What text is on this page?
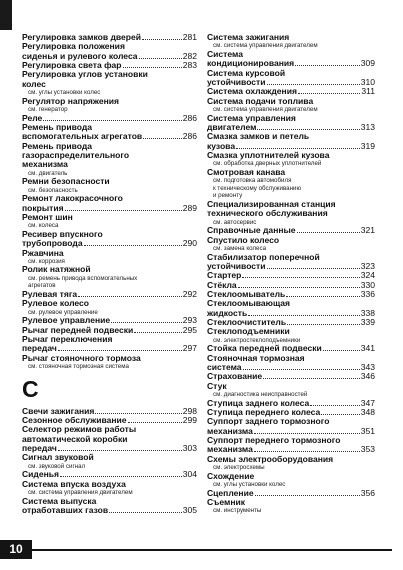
Регулировка замков дверей	281
Регулировка положения
сиденья и рулевого колеса	282
Регулировка света фар	283
Регулировка углов установки
колес
см. углы установки колес
Регулятор напряжения
см. генератор
Реле	286
Ремень привода
вспомогательных агрегатов	286
Ремень привода
газораспределительного
механизма
см. двигатель
Ремни безопасности
см. безопасность
Ремонт лакокрасочного
покрытия	289
Ремонт шин
см. колеса
Ресивер впускного
трубопровода	290
Ржавчина
см. коррозия
Ролик натяжной
см. ремень привода вспомогательных
агрегатов
Рулевая тяга	292
Рулевое колесо
см. рулевое управление
Рулевое управление	293
Рычаг передней подвески	295
Рычаг переключения
передач	297
Рычаг стояночного тормоза
см. стояночная тормозная система
С
Свечи зажигания	298
Сезонное обслуживание	299
Селектор режимов работы
автоматической коробки
передач	303
Сигнал звуковой
см. звуковой сигнал
Сиденья	304
Система впуска воздуха
см. система управления двигателем
Система выпуска
отработавших газов	305
Система зажигания
см. система управления двигателем
Система
кондиционирования	309
Система курсовой
устойчивости	310
Система охлаждения	311
Система подачи топлива
см. система управления двигателем
Система управления
двигателем	313
Смазка замков и петель
кузова	319
Смазка уплотнителей кузова
см. обработка дверных уплотнителей
Смотровая канава
см. подготовка автомобиля
к техническому обслуживанию
и ремонту
Специализированная станция
технического обслуживания
см. автосервис
Справочные данные	321
Спустило колесо
см. замена колеса
Стабилизатор поперечной
устойчивости	323
Стартер	324
Стёкла	330
Стеклоомыватель	336
Стеклоомывающая
жидкость	338
Стеклоочиститель	339
Стеклоподъемники
см. электростеклоподъемники
Стойка передней подвески	341
Стояночная тормозная
система	343
Страхование	346
Стук
см. диагностика неисправностей
Ступица заднего колеса	347
Ступица переднего колеса	348
Суппорт заднего тормозного
механизма	351
Суппорт переднего тормозного
механизма	353
Схемы электрооборудования
см. электросхемы
Схождение
см. углы установки колес
Сцепление	356
Съемник
см. инструменты
10
